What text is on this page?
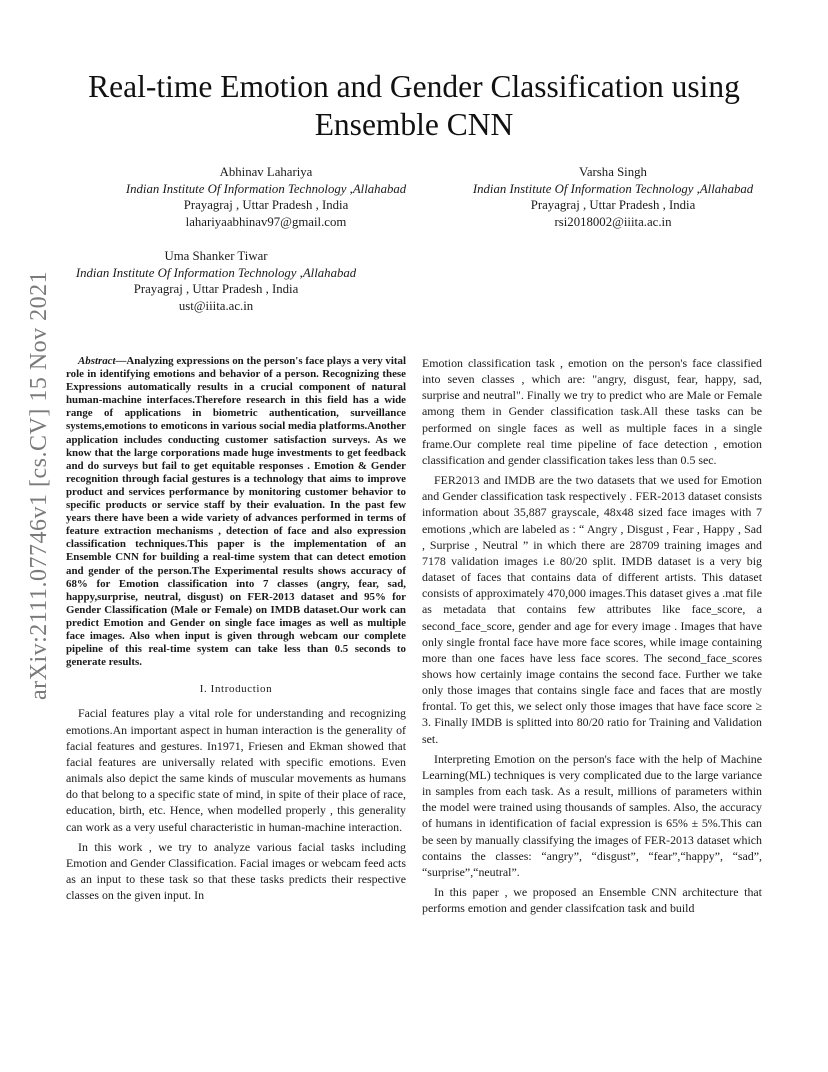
arXiv:2111.07746v1 [cs.CV] 15 Nov 2021
Real-time Emotion and Gender Classification using Ensemble CNN
Abhinav Lahariya
Indian Institute Of Information Technology ,Allahabad
Prayagraj , Uttar Pradesh , India
lahariyaabhinav97@gmail.com
Varsha Singh
Indian Institute Of Information Technology ,Allahabad
Prayagraj , Uttar Pradesh , India
rsi2018002@iiita.ac.in
Uma Shanker Tiwar
Indian Institute Of Information Technology ,Allahabad
Prayagraj , Uttar Pradesh , India
ust@iiita.ac.in

Abstract—Analyzing expressions on the person's face plays a very vital role in identifying emotions and behavior of a person. Recognizing these Expressions automatically results in a crucial component of natural human-machine interfaces.Therefore research in this field has a wide range of applications in biometric authentication, surveillance systems,emotions to emoticons in various social media platforms.Another application includes conducting customer satisfaction surveys. As we know that the large corporations made huge investments to get feedback and do surveys but fail to get equitable responses . Emotion & Gender recognition through facial gestures is a technology that aims to improve product and services performance by monitoring customer behavior to specific products or service staff by their evaluation. In the past few years there have been a wide variety of advances performed in terms of feature extraction mechanisms , detection of face and also expression classification techniques.This paper is the implementation of an Ensemble CNN for building a real-time system that can detect emotion and gender of the person.The Experimental results shows accuracy of 68% for Emotion classification into 7 classes (angry, fear, sad, happy,surprise, neutral, disgust) on FER-2013 dataset and 95% for Gender Classification (Male or Female) on IMDB dataset.Our work can predict Emotion and Gender on single face images as well as multiple face images. Also when input is given through webcam our complete pipeline of this real-time system can take less than 0.5 seconds to generate results.

I. Introduction

Facial features play a vital role for understanding and recognizing emotions.An important aspect in human interaction is the generality of facial features and gestures. In1971, Friesen and Ekman showed that facial features are universally related with specific emotions. Even animals also depict the same kinds of muscular movements as humans do that belong to a specific state of mind, in spite of their place of race, education, birth, etc. Hence, when modelled properly , this generality can work as a very useful characteristic in human-machine interaction.

In this work , we try to analyze various facial tasks including Emotion and Gender Classification. Facial images or webcam feed acts as an input to these task so that these tasks predicts their respective classes on the given input. In

Emotion classification task , emotion on the person's face classified into seven classes , which are: "angry, disgust, fear, happy, sad, surprise and neutral". Finally we try to predict who are Male or Female among them in Gender classification task.All these tasks can be performed on single faces as well as multiple faces in a single frame.Our complete real time pipeline of face detection , emotion classification and gender classification takes less than 0.5 sec.

FER2013 and IMDB are the two datasets that we used for Emotion and Gender classification task respectively . FER-2013 dataset consists information about 35,887 grayscale, 48x48 sized face images with 7 emotions ,which are labeled as : “ Angry , Disgust , Fear , Happy , Sad , Surprise , Neutral ” in which there are 28709 training images and 7178 validation images i.e 80/20 split. IMDB dataset is a very big dataset of faces that contains data of different artists. This dataset consists of approximately 470,000 images.This dataset gives a .mat file as metadata that contains few attributes like face_score, a second_face_score, gender and age for every image . Images that have only single frontal face have more face scores, while image containing more than one faces have less face scores. The second_face_scores shows how certainly image contains the second face. Further we take only those images that contains single face and faces that are mostly frontal. To get this, we select only those images that have face score ≥ 3. Finally IMDB is splitted into 80/20 ratio for Training and Validation set.

Interpreting Emotion on the person's face with the help of Machine Learning(ML) techniques is very complicated due to the large variance in samples from each task. As a result, millions of parameters within the model were trained using thousands of samples. Also, the accuracy of humans in identification of facial expression is 65% ± 5%.This can be seen by manually classifying the images of FER-2013 dataset which contains the classes: “angry”, “disgust”, “fear”,“happy”, “sad”, “surprise”,“neutral”.

In this paper , we proposed an Ensemble CNN architecture that performs emotion and gender classifcation task and build
